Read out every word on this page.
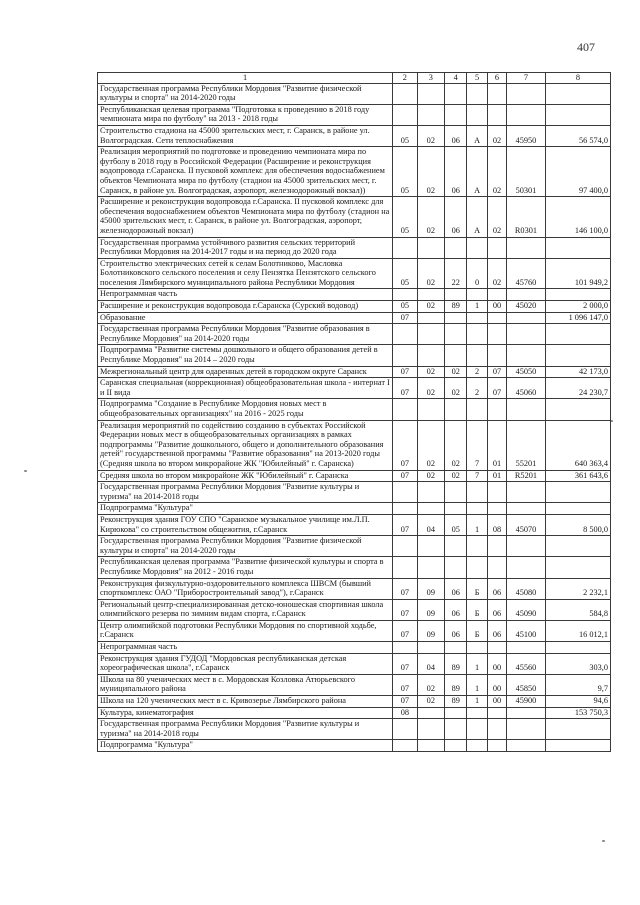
407
1	2	3	4	5	6	7	8
Государственная программа Республики Мордовия "Развитие физической культуры и спорта" на 2014-2020 годы							
Республиканская целевая программа "Подготовка к проведению в 2018 году чемпионата мира по футболу" на 2013 - 2018 годы							
Строительство стадиона на 45000 зрительских мест, г. Саранск, в районе ул. Волгоградская. Сети теплоснабжения	05	02	06	А	02	45950	56 574,0
Реализация мероприятий по подготовке и проведению чемпионата мира по футболу в 2018 году в Российской Федерации (Расширение и реконструкция водопровода г.Саранска. II пусковой комплекс для обеспечения водоснабжением объектов Чемпионата мира по футболу (стадион на 45000 зрительских мест, г. Саранск, в районе ул. Волгоградская, аэропорт, железнодорожный вокзал))	05	02	06	А	02	50301	97 400,0
Расширение и реконструкция водопровода г.Саранска. II пусковой комплекс для обеспечения водоснабжением объектов Чемпионата мира по футболу (стадион на 45000 зрительских мест, г. Саранск, в районе ул. Волгоградская, аэропорт, железнодорожный вокзал)	05	02	06	А	02	R0301	146 100,0
Государственная программа устойчивого развития сельских территорий Республики Мордовия на 2014-2017 годы и на период до 2020 года							
Строительство электрических сетей к селам Болотниково, Масловка Болотниковского сельского поселения и селу Пензятка Пензятского сельского поселения Лямбирского муниципального района Республики Мордовия	05	02	22	0	02	45760	101 949,2
Непрограммная часть							
Расширение и реконструкция водопровода г.Саранска (Сурский водовод)	05	02	89	1	00	45020	2 000,0
Образование	07						1 096 147,0
Государственная программа Республики Мордовия "Развитие образования в Республике Мордовия" на 2014-2020 годы							
Подпрограмма "Развитие системы дошкольного и общего образования детей в Республике Мордовия" на 2014 – 2020 годы							
Межрегиональный центр для одаренных детей в городском округе Саранск	07	02	02	2	07	45050	42 173,0
Саранская специальная (коррекционная) общеобразовательная школа - интернат I и II вида	07	02	02	2	07	45060	24 230,7
Подпрограмма "Создание в Республике Мордовия новых мест в общеобразовательных организациях" на 2016 - 2025 годы							
Реализация мероприятий по содействию созданию в субъектах Российской Федерации новых мест в общеобразовательных организациях в рамках подпрограммы "Развитие дошкольного, общего и дополнительного образования детей" государственной программы "Развитие образования" на 2013-2020 годы (Средняя школа во втором микрорайоне ЖК "Юбилейный" г. Саранска)	07	02	02	7	01	55201	640 363,4
Средняя школа во втором микрорайоне ЖК "Юбилейный" г. Саранска	07	02	02	7	01	R5201	361 643,6
Государственная программа Республики Мордовия "Развитие культуры и туризма" на 2014-2018 годы							
Подпрограмма "Культура"							
Реконструкция здания ГОУ СПО "Саранское музыкальное училище им.Л.П. Кирюкова" со строительством общежития, г.Саранск	07	04	05	1	08	45070	8 500,0
Государственная программа Республики Мордовия "Развитие физической культуры и спорта" на 2014-2020 годы							
Республиканская целевая программа "Развитие физической культуры и спорта в Республике Мордовия" на 2012 - 2016 годы							
Реконструкция физкультурно-оздоровительного комплекса ШВСМ (бывший спорткомплекс ОАО "Приборостроительный завод"), г.Саранск	07	09	06	Б	06	45080	2 232,1
Региональный центр-специализированная детско-юношеская спортивная школа олимпийского резерва по зимним видам спорта, г.Саранск	07	09	06	Б	06	45090	584,8
Центр олимпийской подготовки Республики Мордовия по спортивной ходьбе, г.Саранск	07	09	06	Б	06	45100	16 012,1
Непрограммная часть							
Реконструкция здания ГУДОД "Мордовская республиканская детская хореографическая школа", г.Саранск	07	04	89	1	00	45560	303,0
Школа на 80 ученических мест в с. Мордовская Козловка Атюрьевского муниципального района	07	02	89	1	00	45850	9,7
Школа на 120 ученических мест в с. Кривозерье Лямбирского района	07	02	89	1	00	45900	94,6
Культура, кинематография	08						153 750,3
Государственная программа Республики Мордовия "Развитие культуры и туризма" на 2014-2018 годы							
Подпрограмма "Культура"							
